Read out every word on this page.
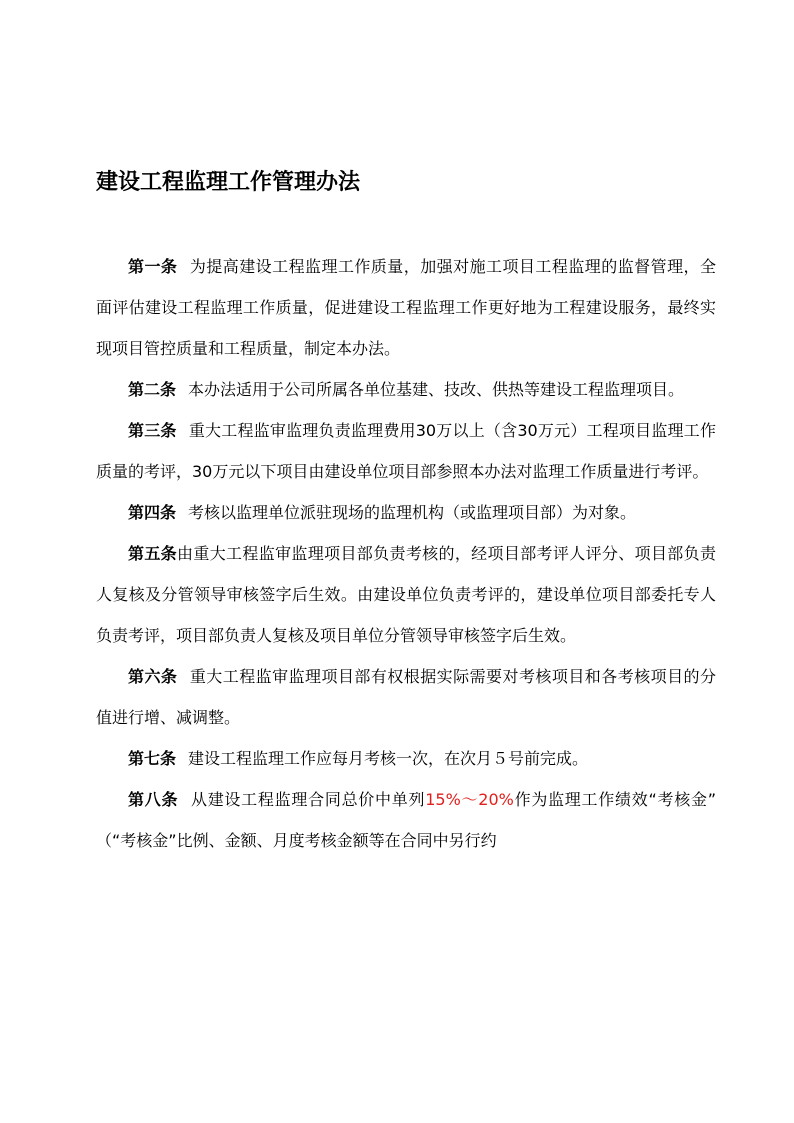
建设工程监理工作管理办法

第一条 为提高建设工程监理工作质量，加强对施工项目工程监理的监督管理，全面评估建设工程监理工作质量，促进建设工程监理工作更好地为工程建设服务，最终实现项目管控质量和工程质量，制定本办法。

第二条 本办法适用于公司所属各单位基建、技改、供热等建设工程监理项目。

第三条 重大工程监审监理负责监理费用30万以上（含30万元）工程项目监理工作质量的考评，30万元以下项目由建设单位项目部参照本办法对监理工作质量进行考评。

第四条 考核以监理单位派驻现场的监理机构（或监理项目部）为对象。

第五条由重大工程监审监理项目部负责考核的，经项目部考评人评分、项目部负责人复核及分管领导审核签字后生效。由建设单位负责考评的，建设单位项目部委托专人负责考评，项目部负责人复核及项目单位分管领导审核签字后生效。

第六条 重大工程监审监理项目部有权根据实际需要对考核项目和各考核项目的分值进行增、减调整。

第七条 建设工程监理工作应每月考核一次，在次月５号前完成。

第八条 从建设工程监理合同总价中单列15%～20%作为监理工作绩效“考核金”　（“考核金”比例、金额、月度考核金额等在合同中另行约
